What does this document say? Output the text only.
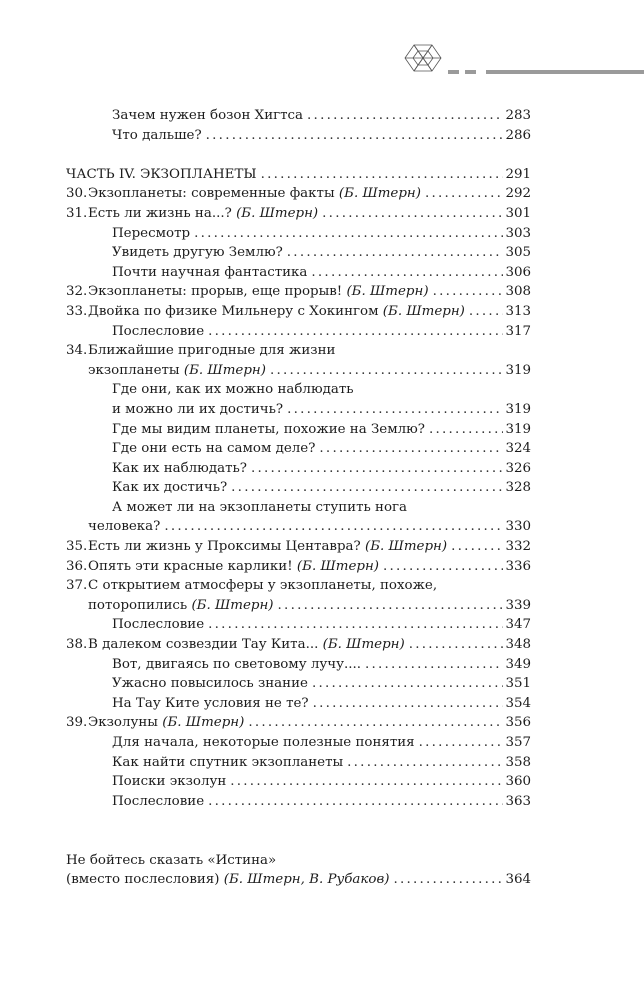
Зачем нужен бозон Хигтса . . .	283
Что дальше? . . .	286
ЧАСТЬ IV. ЭКЗОПЛАНЕТЫ . . .	291
30. Экзопланеты: современные факты (Б. Штерн) . . .	292
31. Есть ли жизнь на...? (Б. Штерн) . . .	301
Пересмотр . . .	303
Увидеть другую Землю? . . .	305
Почти научная фантастика . . .	306
32. Экзопланеты: прорыв, еще прорыв! (Б. Штерн) . . .	308
33. Двойка по физике Мильнеру с Хокингом (Б. Штерн) . . .	313
Послесловие . . .	317
34. Ближайшие пригодные для жизни
экзопланеты (Б. Штерн) . . .	319
Где они, как их можно наблюдать
и можно ли их достичь? . . .	319
Где мы видим планеты, похожие на Землю? . . .	319
Где они есть на самом деле? . . .	324
Как их наблюдать? . . .	326
Как их достичь? . . .	328
А может ли на экзопланеты ступить нога
человека? . . .	330
35. Есть ли жизнь у Проксимы Центавра? (Б. Штерн) . . .	332
36. Опять эти красные карлики! (Б. Штерн) . . .	336
37. С открытием атмосферы у экзопланеты, похоже,
поторопились (Б. Штерн) . . .	339
Послесловие . . .	347
38. В далеком созвездии Тау Кита... (Б. Штерн) . . .	348
Вот, двигаясь по световому лучу.... . . .	349
Ужасно повысилось знание . . .	351
На Тау Ките условия не те? . . .	354
39. Экзолуны (Б. Штерн) . . .	356
Для начала, некоторые полезные понятия . . .	357
Как найти спутник экзопланеты . . .	358
Поиски экзолун . . .	360
Послесловие . . .	363
Не бойтесь сказать «Истина»
(вместо послесловия) (Б. Штерн, В. Рубаков) . . .	364
